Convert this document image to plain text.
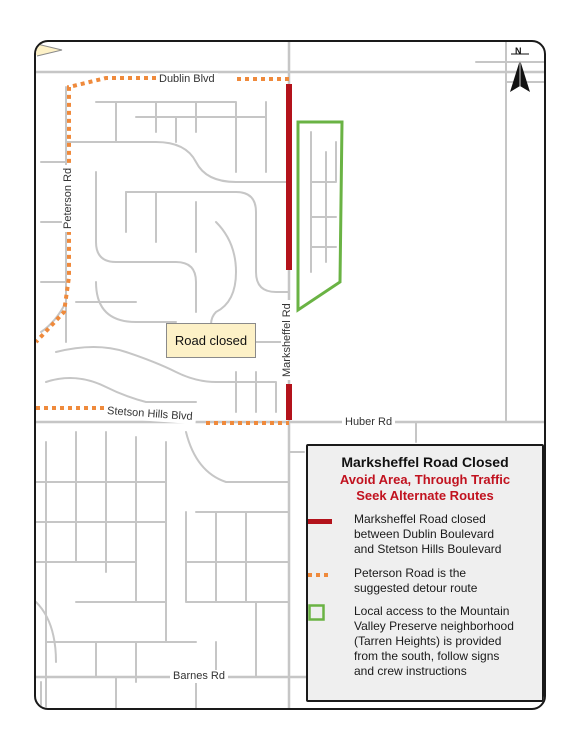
Dublin Blvd
Peterson Rd
Marksheffel Rd
Stetson Hills Blvd	Huber Rd
Barnes Rd
Road closed
N
Marksheffel Road Closed
Avoid Area, Through Traffic
Seek Alternate Routes
Marksheffel Road closed
between Dublin Boulevard
and Stetson Hills Boulevard
Peterson Road is the
suggested detour route
Local access to the Mountain
Valley Preserve neighborhood
(Tarren Heights) is provided
from the south, follow signs
and crew instructions
